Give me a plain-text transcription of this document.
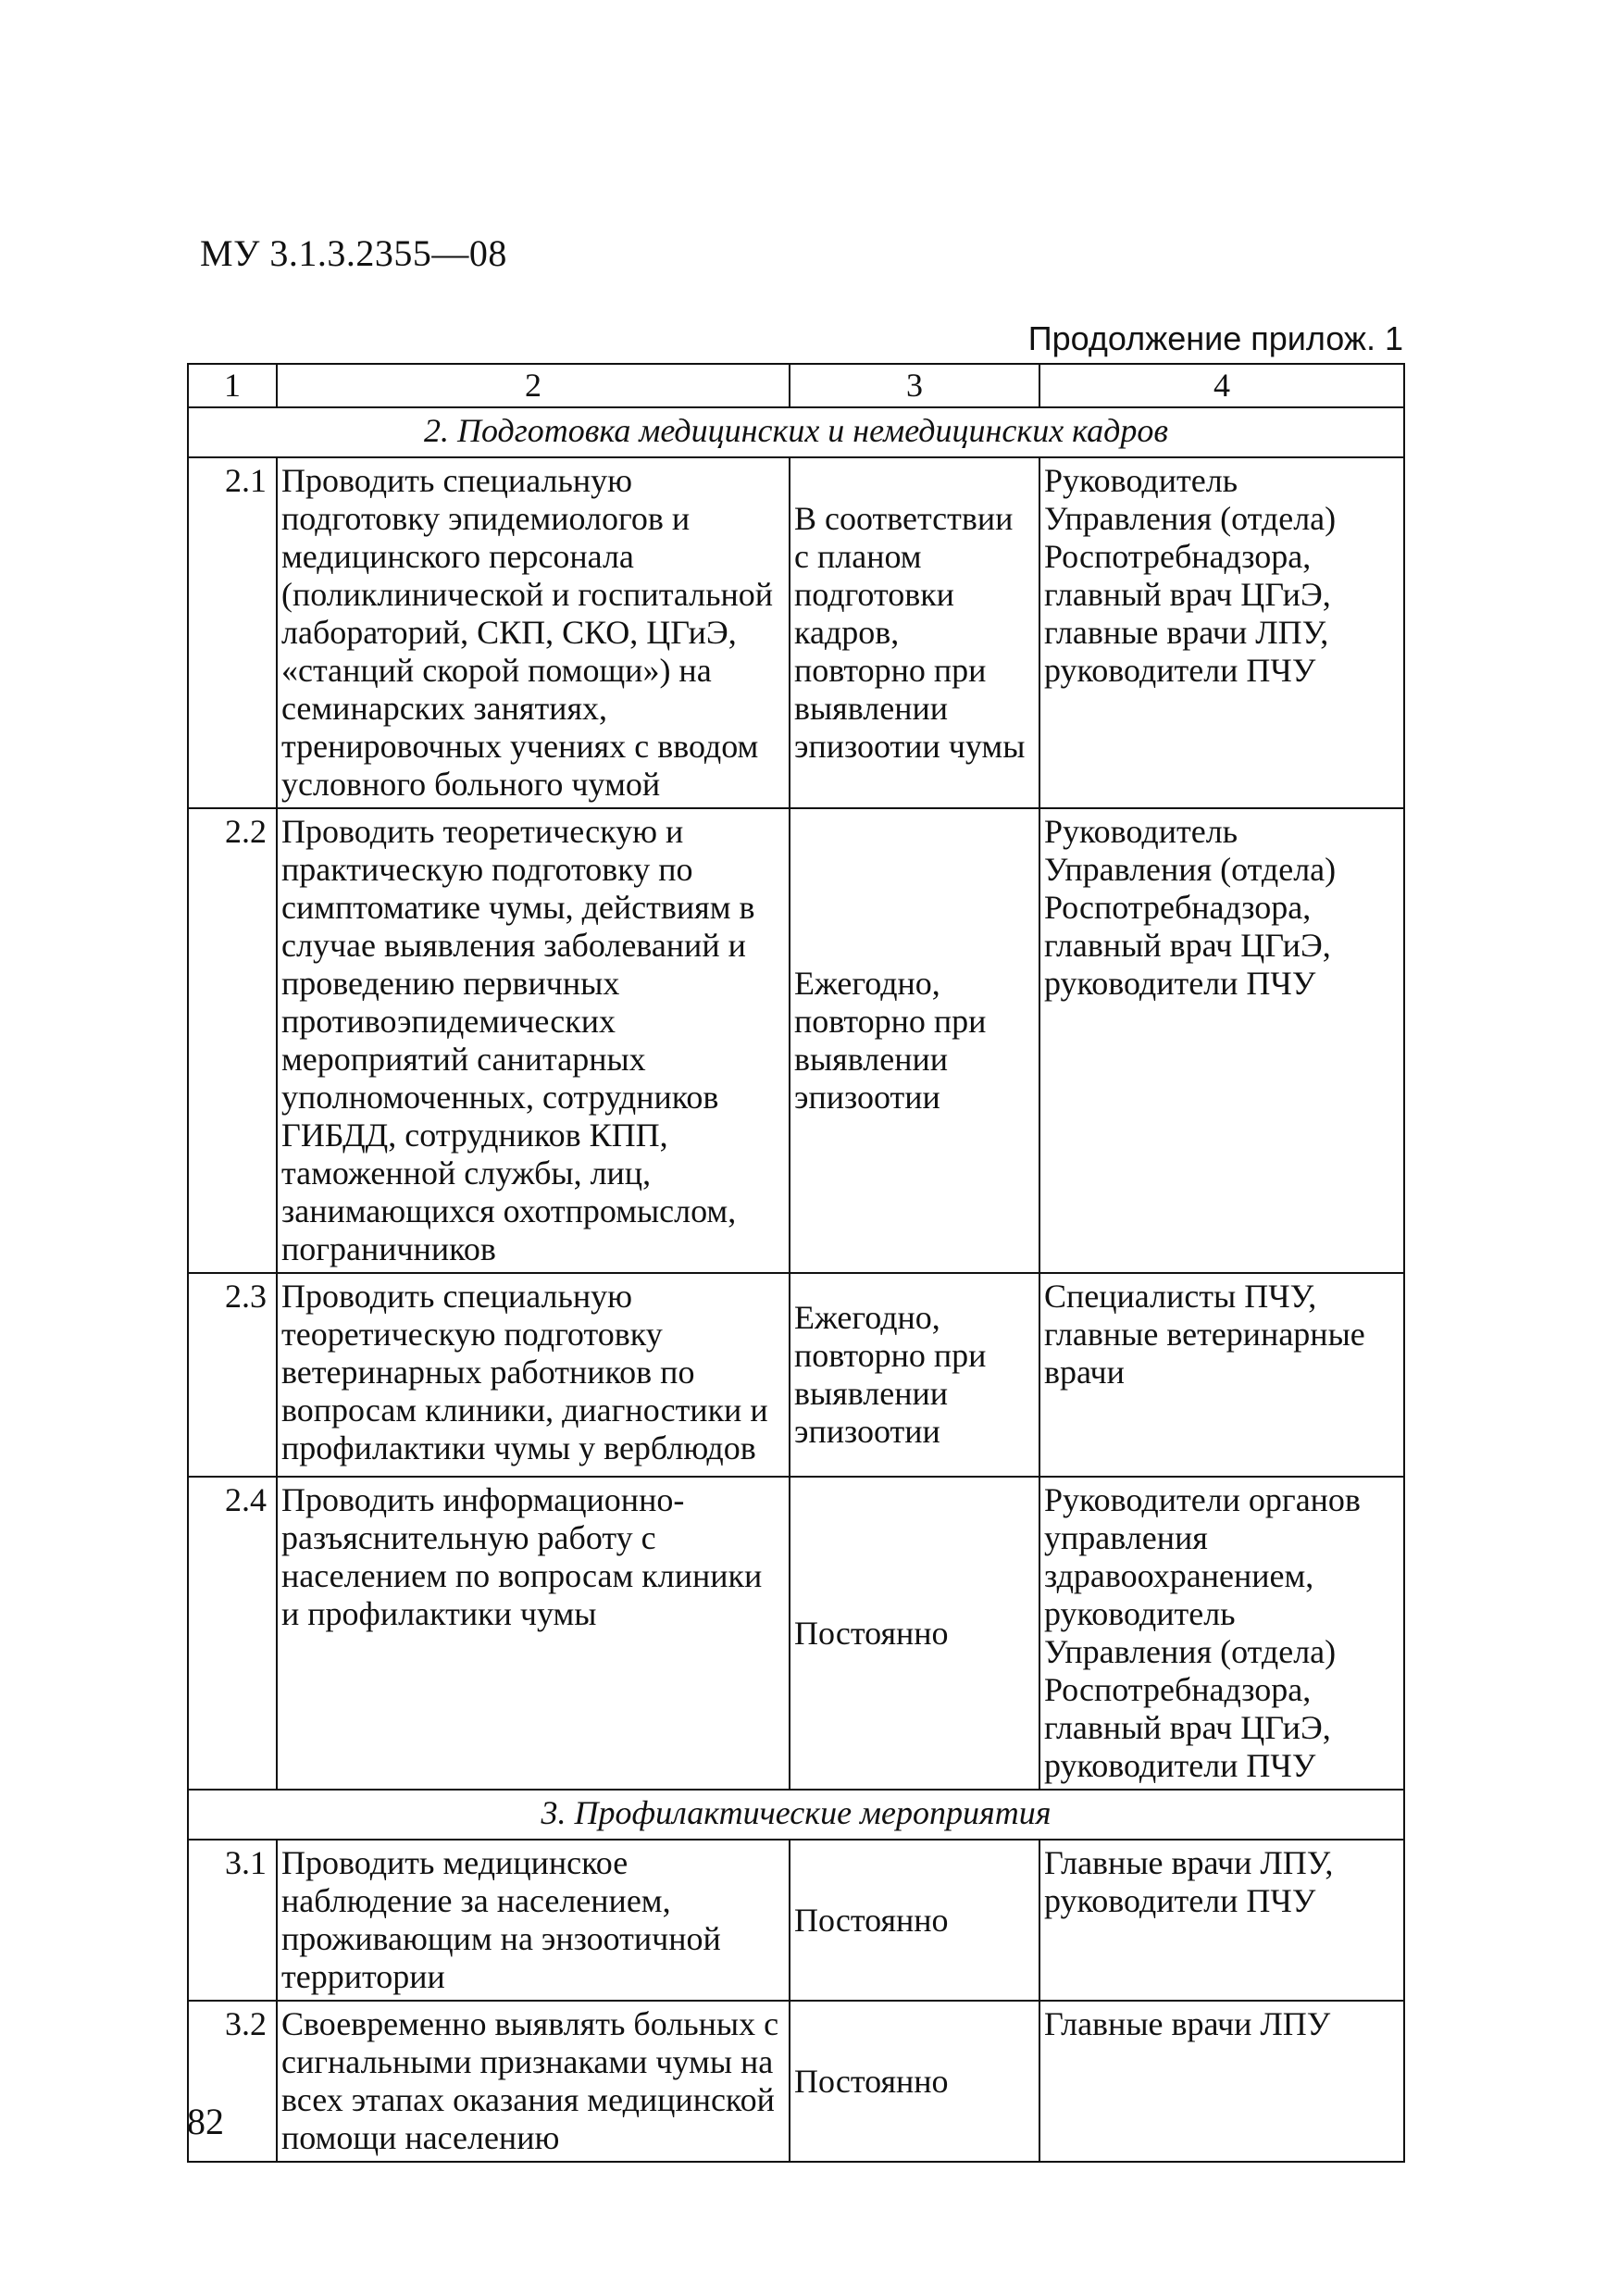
МУ 3.1.3.2355—08
Продолжение прилож. 1
1	2	3	4
2. Подготовка медицинских и немедицинских кадров			
2.1	Проводить специальную подготовку эпидемиологов и медицинского персонала (поликлинической и госпитальной лабораторий, СКП, СКО, ЦГиЭ, «станций скорой помощи») на семинарских занятиях, тренировочных учениях с вводом условного больного чумой	В соответствии с планом подготовки кадров, повторно при выявлении эпизоотии чумы	Руководитель Управления (отдела) Роспотребнадзора, главный врач ЦГиЭ, главные врачи ЛПУ, руководители ПЧУ
2.2	Проводить теоретическую и практическую подготовку по симптоматике чумы, действиям в случае выявления заболеваний и проведению первичных противоэпидемических мероприятий санитарных уполномоченных, сотрудников ГИБДД, сотрудников КПП, таможенной службы, лиц, занимающихся охотпромыслом, пограничников	Ежегодно, повторно при выявлении эпизоотии	Руководитель Управления (отдела) Роспотребнадзора, главный врач ЦГиЭ, руководители ПЧУ
2.3	Проводить специальную теоретическую подготовку ветеринарных работников по вопросам клиники, диагностики и профилактики чумы у верблюдов	Ежегодно, повторно при выявлении эпизоотии	Специалисты ПЧУ, главные ветеринарные врачи
2.4	Проводить информационно-разъяснительную работу с населением по вопросам клиники и профилактики чумы	Постоянно	Руководители органов управления здравоохранением, руководитель Управления (отдела) Роспотребнадзора, главный врач ЦГиЭ, руководители ПЧУ
3. Профилактические мероприятия			
3.1	Проводить медицинское наблюдение за населением, проживающим на энзоотичной территории	Постоянно	Главные врачи ЛПУ, руководители ПЧУ
3.2	Своевременно выявлять больных с сигнальными признаками чумы на всех этапах оказания медицинской помощи населению	Постоянно	Главные врачи ЛПУ
82
